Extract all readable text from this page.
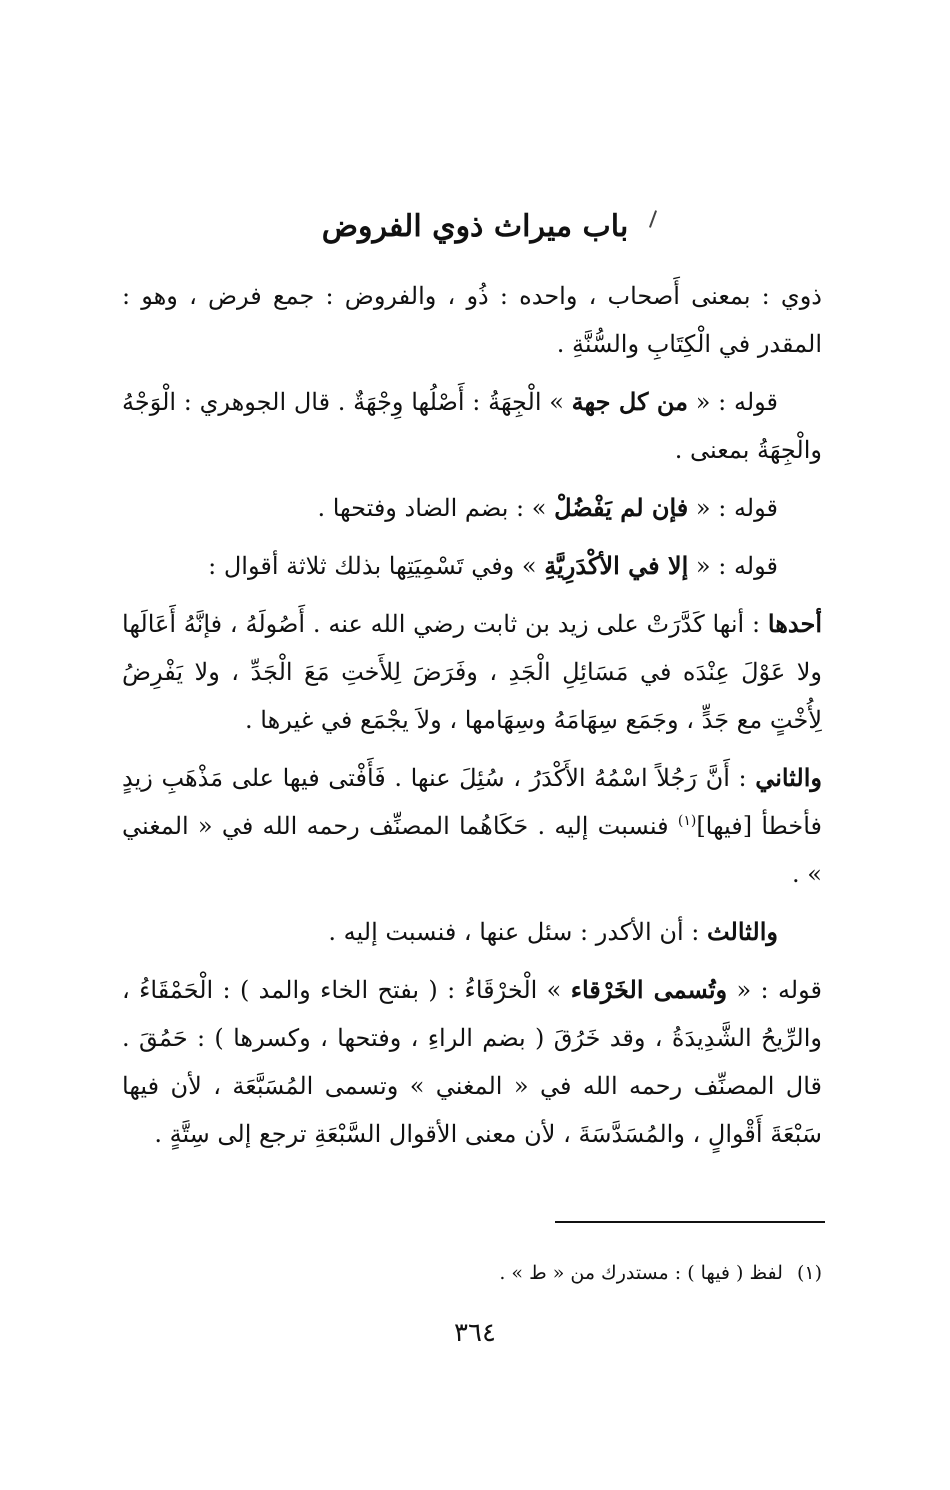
باب ميراث ذوي الفروض

ذوي : بمعنى أَصحاب ، واحده : ذُو ، والفروض : جمع فرض ، وهو : المقدر في الْكِتَابِ والسُّنَّةِ .

قوله : « من كل جهة » الْجِهَةُ : أَصْلُها وِجْهَةٌ . قال الجوهري : الْوَجْهُ والْجِهَةُ بمعنى .

قوله : « فإن لم يَفْضُلْ » : بضم الضاد وفتحها .

قوله : « إلا في الأكْدَرِيَّةِ » وفي تَسْمِيَتِها بذلك ثلاثة أقوال :

أحدها : أنها كَدَّرَتْ على زيد بن ثابت رضي الله عنه . أَصُولَهُ ، فإنَّهُ أَعَالَها ولا عَوْلَ عِنْدَه في مَسَائِلِ الْجَدِ ، وفَرَضَ لِلأَختِ مَعَ الْجَدِّ ، ولا يَفْرِضُ لِأُخْتٍ مع جَدٍّ ، وجَمَع سِهَامَهُ وسِهَامها ، ولاَ يجْمَع في غيرها .

والثاني : أَنَّ رَجُلاً اسْمُهُ الأَكْدَرُ ، سُئِلَ عنها . فَأَفْتى فيها على مَذْهَبِ زيدٍ فأخطأ [فيها]$^{(١)}$ فنسبت إليه . حَكَاهُما المصنِّف رحمه الله في « المغني » .

والثالث : أن الأكدر : سئل عنها ، فنسبت إليه .

قوله : « وتُسمى الخَرْقاء » الْخرْقَاءُ : ( بفتح الخاء والمد ) : الْحَمْقَاءُ ، والرِّيحُ الشَّدِيدَةُ ، وقد خَرُقَ ( بضم الراءِ ، وفتحها ، وكسرها ) : حَمُقَ . قال المصنِّف رحمه الله في « المغني » وتسمى المُسَبَّعَة ، لأن فيها سَبْعَةَ أَقْوالٍ ، والمُسَدَّسَةَ ، لأن معنى الأقوال السَّبْعَةِ ترجع إلى سِتَّةٍ .

(١)لفظ ( فيها ) : مستدرك من « ط » .

٣٦٤
